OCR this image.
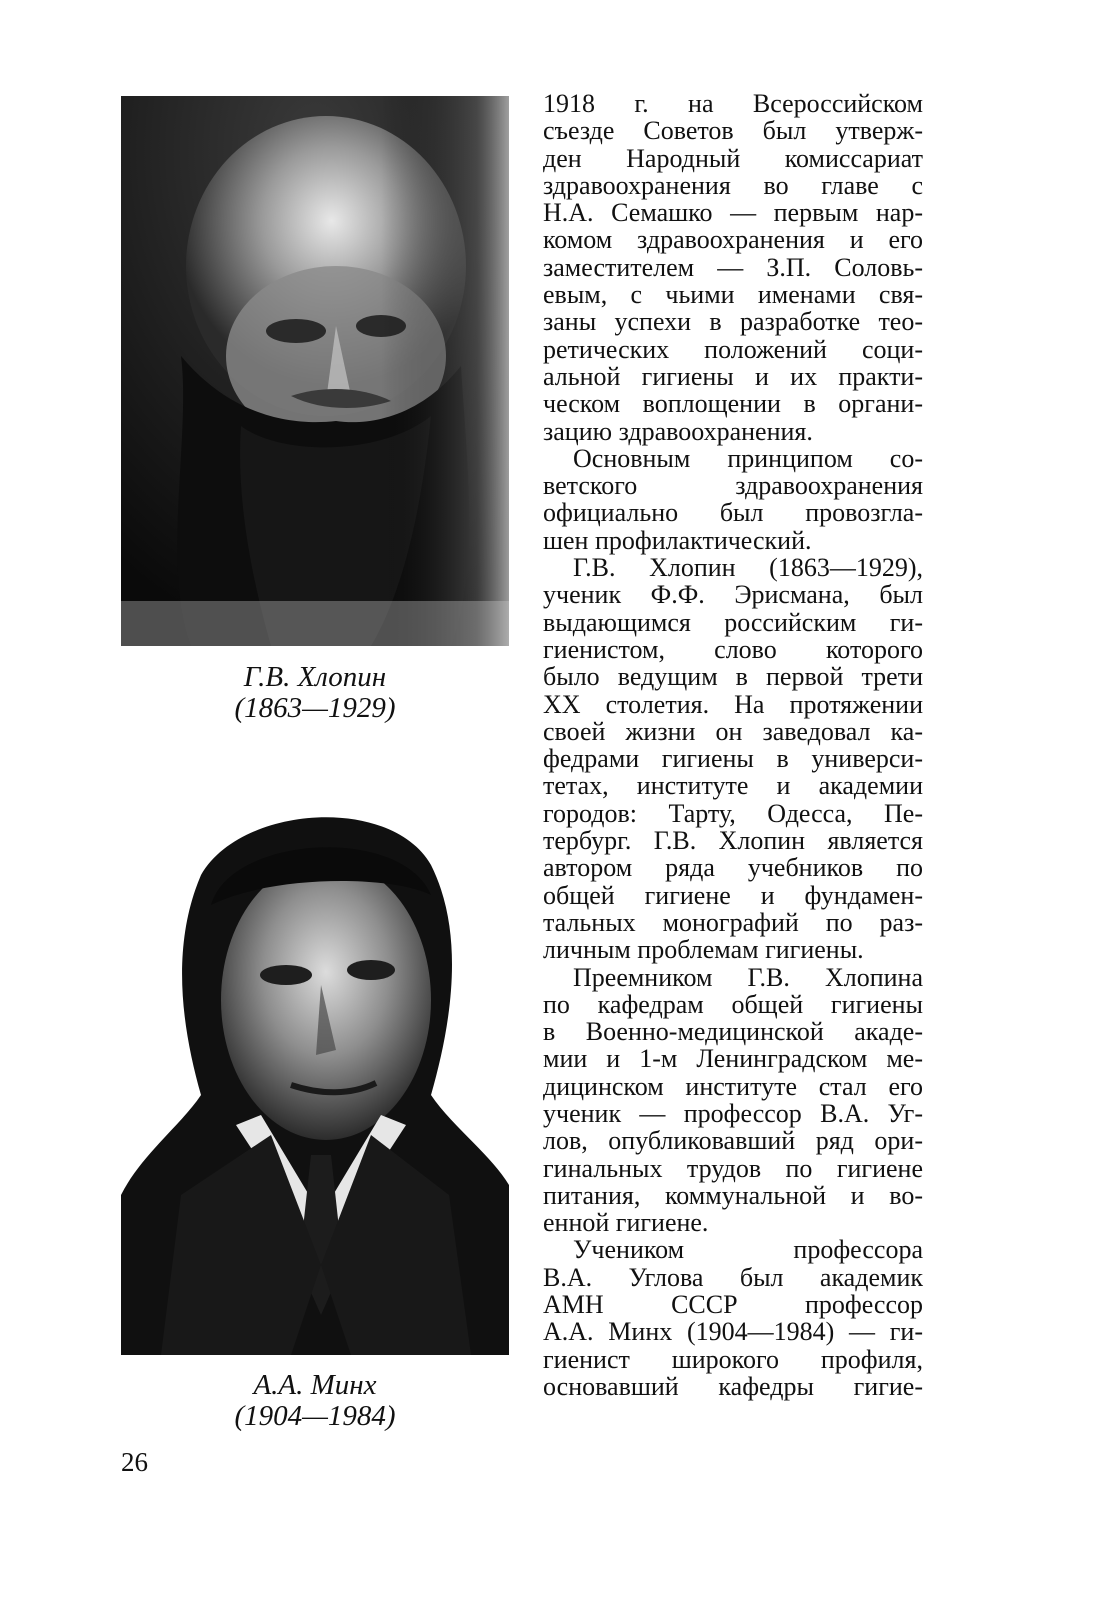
Г.В. Хлопин
(1863—1929)
А.А. Минх
(1904—1984)
1918 г. на Всероссийском
съезде Советов был утверж-
ден Народный комиссариат
здравоохранения во главе с
Н.А. Семашко — первым нар-
комом здравоохранения и его
заместителем — З.П. Соловь-
евым, с чьими именами свя-
заны успехи в разработке тео-
ретических положений соци-
альной гигиены и их практи-
ческом воплощении в органи-
зацию здравоохранения.
Основным принципом со-
ветского здравоохранения
официально был провозгла-
шен профилактический.
Г.В. Хлопин (1863—1929),
ученик Ф.Ф. Эрисмана, был
выдающимся российским ги-
гиенистом, слово которого
было ведущим в первой трети
XX столетия. На протяжении
своей жизни он заведовал ка-
федрами гигиены в универси-
тетах, институте и академии
городов: Тарту, Одесса, Пе-
тербург. Г.В. Хлопин является
автором ряда учебников по
общей гигиене и фундамен-
тальных монографий по раз-
личным проблемам гигиены.
Преемником Г.В. Хлопина
по кафедрам общей гигиены
в Военно-медицинской акаде-
мии и 1-м Ленинградском ме-
дицинском институте стал его
ученик — профессор В.А. Уг-
лов, опубликовавший ряд ори-
гинальных трудов по гигиене
питания, коммунальной и во-
енной гигиене.
Учеником профессора
В.А. Углова был академик
АМН СССР профессор
А.А. Минх (1904—1984) — ги-
гиенист широкого профиля,
основавший кафедры гигие-
26
